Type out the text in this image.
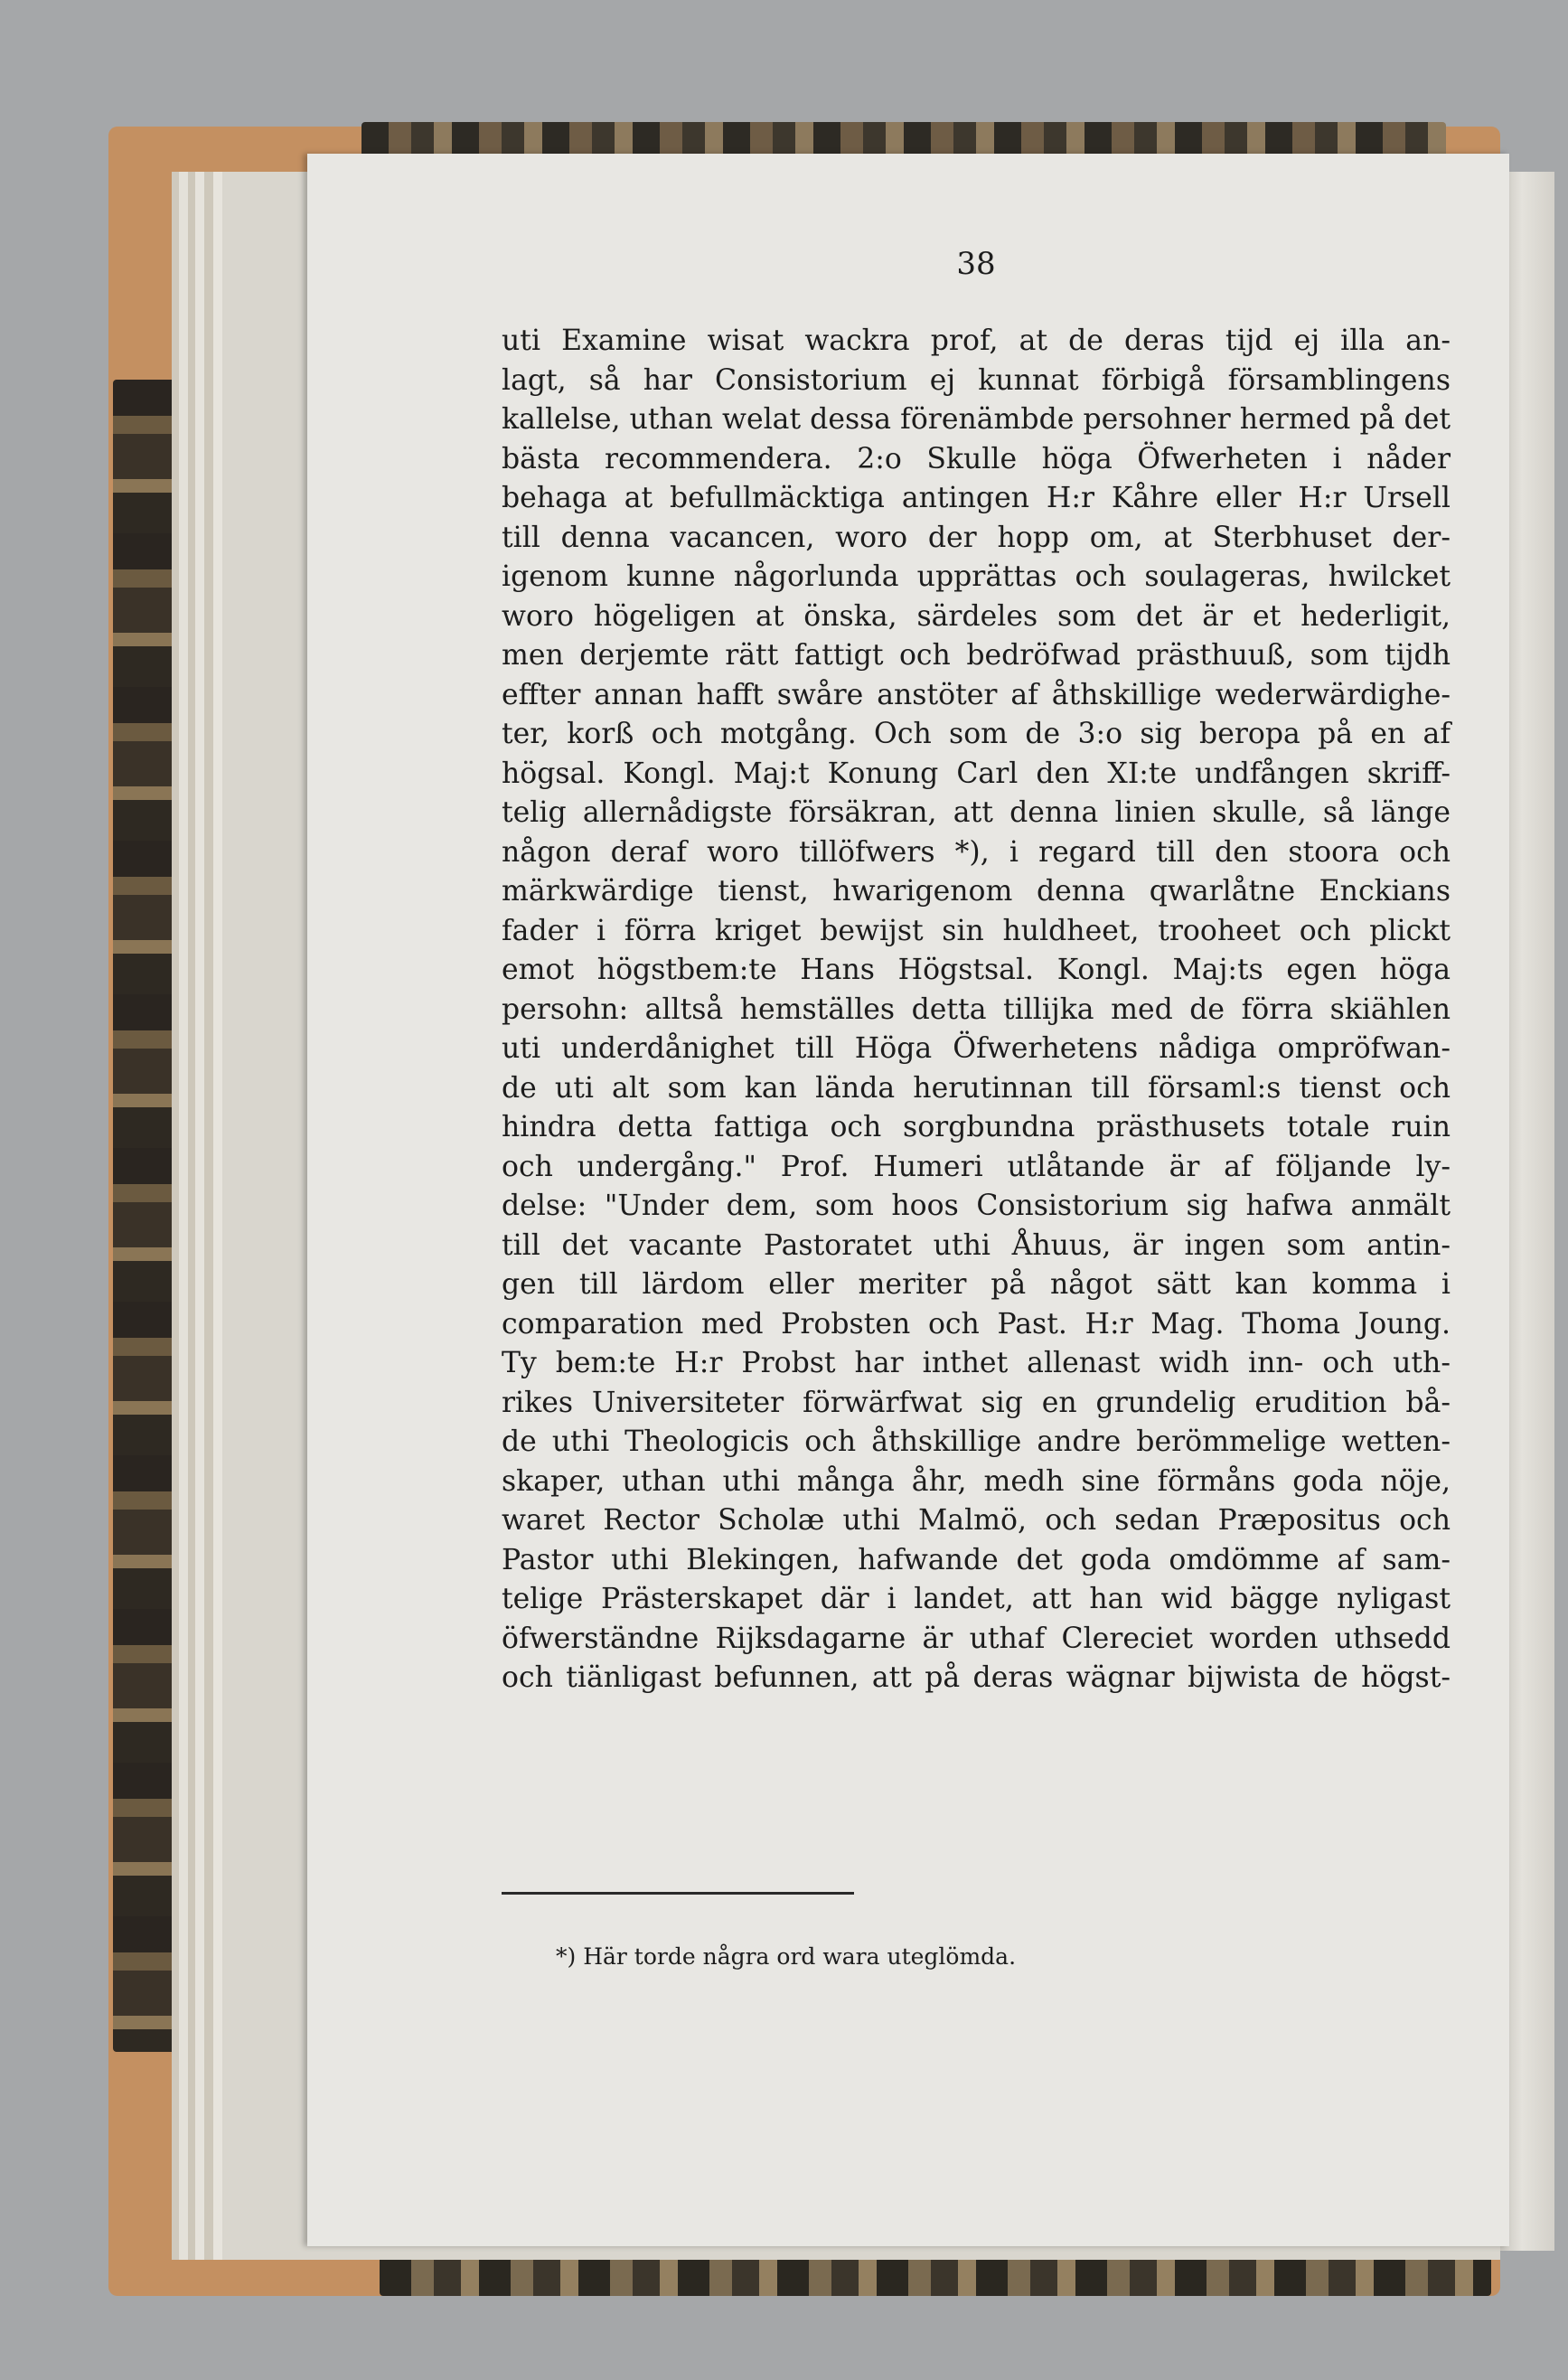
38
uti Examine wisat wackra prof, at de deras tijd ej illa an-
lagt, så har Consistorium ej kunnat förbigå församblingens
kallelse, uthan welat dessa förenämbde persohner hermed på det
bästa recommendera. 2:o Skulle höga Öfwerheten i nåder
behaga at befullmäcktiga antingen H:r Kåhre eller H:r Ursell
till denna vacancen, woro der hopp om, at Sterbhuset der-
igenom kunne någorlunda upprättas och soulageras, hwilcket
woro högeligen at önska, särdeles som det är et hederligit,
men derjemte rätt fattigt och bedröfwad prästhuuß, som tijdh
effter annan hafft swåre anstöter af åthskillige wederwärdighe-
ter, korß och motgång. Och som de 3:o sig beropa på en af
högsal. Kongl. Maj:t Konung Carl den XI:te undfången skriff-
telig allernådigste försäkran, att denna linien skulle, så länge
någon deraf woro tillöfwers *), i regard till den stoora och
märkwärdige tienst, hwarigenom denna qwarlåtne Enckians
fader i förra kriget bewijst sin huldheet, trooheet och plickt
emot högstbem:te Hans Högstsal. Kongl. Maj:ts egen höga
persohn: alltså hemställes detta tillijka med de förra skiählen
uti underdånighet till Höga Öfwerhetens nådiga ompröfwan-
de uti alt som kan lända herutinnan till församl:s tienst och
hindra detta fattiga och sorgbundna prästhusets totale ruin
och undergång." Prof. Humeri utlåtande är af följande ly-
delse: "Under dem, som hoos Consistorium sig hafwa anmält
till det vacante Pastoratet uthi Åhuus, är ingen som antin-
gen till lärdom eller meriter på något sätt kan komma i
comparation med Probsten och Past. H:r Mag. Thoma Joung.
Ty bem:te H:r Probst har inthet allenast widh inn- och uth-
rikes Universiteter förwärfwat sig en grundelig erudition bå-
de uthi Theologicis och åthskillige andre berömmelige wetten-
skaper, uthan uthi många åhr, medh sine förmåns goda nöje,
waret Rector Scholæ uthi Malmö, och sedan Præpositus och
Pastor uthi Blekingen, hafwande det goda omdömme af sam-
telige Prästerskapet där i landet, att han wid bägge nyligast
öfwerständne Rijksdagarne är uthaf Clereciet worden uthsedd
och tiänligast befunnen, att på deras wägnar bijwista de högst-
*) Här torde några ord wara uteglömda.
